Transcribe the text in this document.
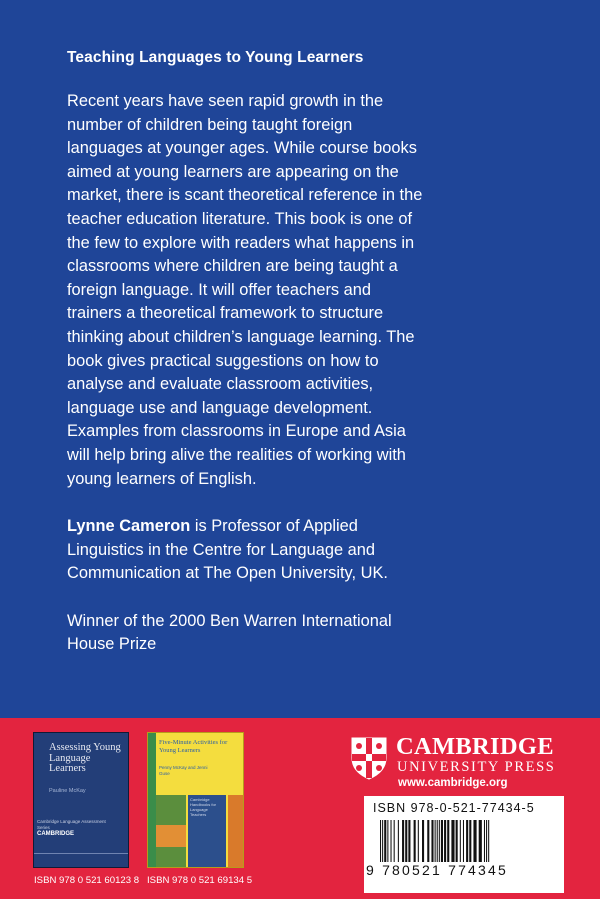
Teaching Languages to Young Learners

Recent years have seen rapid growth in the number of children being taught foreign languages at younger ages. While course books aimed at young learners are appearing on the market, there is scant theoretical reference in the teacher education literature. This book is one of the few to explore with readers what happens in classrooms where children are being taught a foreign language. It will offer teachers and trainers a theoretical framework to structure thinking about children’s language learning. The book gives practical suggestions on how to analyse and evaluate classroom activities, language use and language development. Examples from classrooms in Europe and Asia will help bring alive the realities of working with young learners of English.

Lynne Cameron is Professor of Applied Linguistics in the Centre for Language and Communication at The Open University, UK.

Winner of the 2000 Ben Warren International House Prize

Assessing Young Language Learners
Pauline McKay
Cambridge Language Assessment Series
CAMBRIDGE
ISBN 978 0 521 60123 8
Five-Minute Activities for Young Learners
Penny McKay and Jenni Guse
Cambridge Handbooks for Language Teachers
ISBN 978 0 521 69134 5
CAMBRIDGE
UNIVERSITY PRESS
www.cambridge.org
ISBN 978-0-521-77434-5
9 780521 774345
